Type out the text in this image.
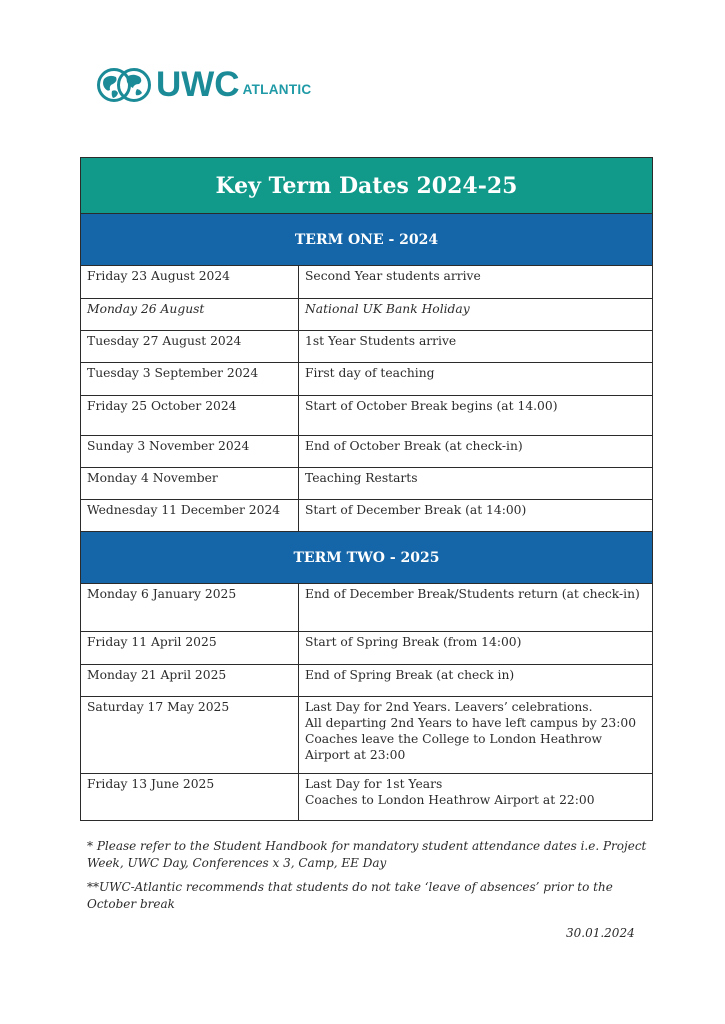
UWC ATLANTIC
Key Term Dates 2024-25
TERM ONE - 2024
Friday 23 August 2024	Second Year students arrive
Monday 26 August	National UK Bank Holiday
Tuesday 27 August 2024	1st Year Students arrive
Tuesday 3 September 2024	First day of teaching
Friday 25 October 2024	Start of October Break begins (at 14.00)
Sunday 3 November 2024	End of October Break (at check-in)
Monday 4 November	Teaching Restarts
Wednesday 11 December 2024	Start of December Break (at 14:00)
TERM TWO - 2025
Monday 6 January 2025	End of December Break/Students return (at check-in)
Friday 11 April 2025	Start of Spring Break (from 14:00)
Monday 21 April 2025	End of Spring Break (at check in)
Saturday 17 May 2025	Last Day for 2nd Years. Leavers’ celebrations.
All departing 2nd Years to have left campus by 23:00
Coaches leave the College to London Heathrow Airport at 23:00
Friday 13 June 2025	Last Day for 1st Years
Coaches to London Heathrow Airport at 22:00
* Please refer to the Student Handbook for mandatory student attendance dates i.e. Project Week, UWC Day, Conferences x 3, Camp, EE Day
**UWC-Atlantic recommends that students do not take ‘leave of absences’ prior to the October break
30.01.2024
